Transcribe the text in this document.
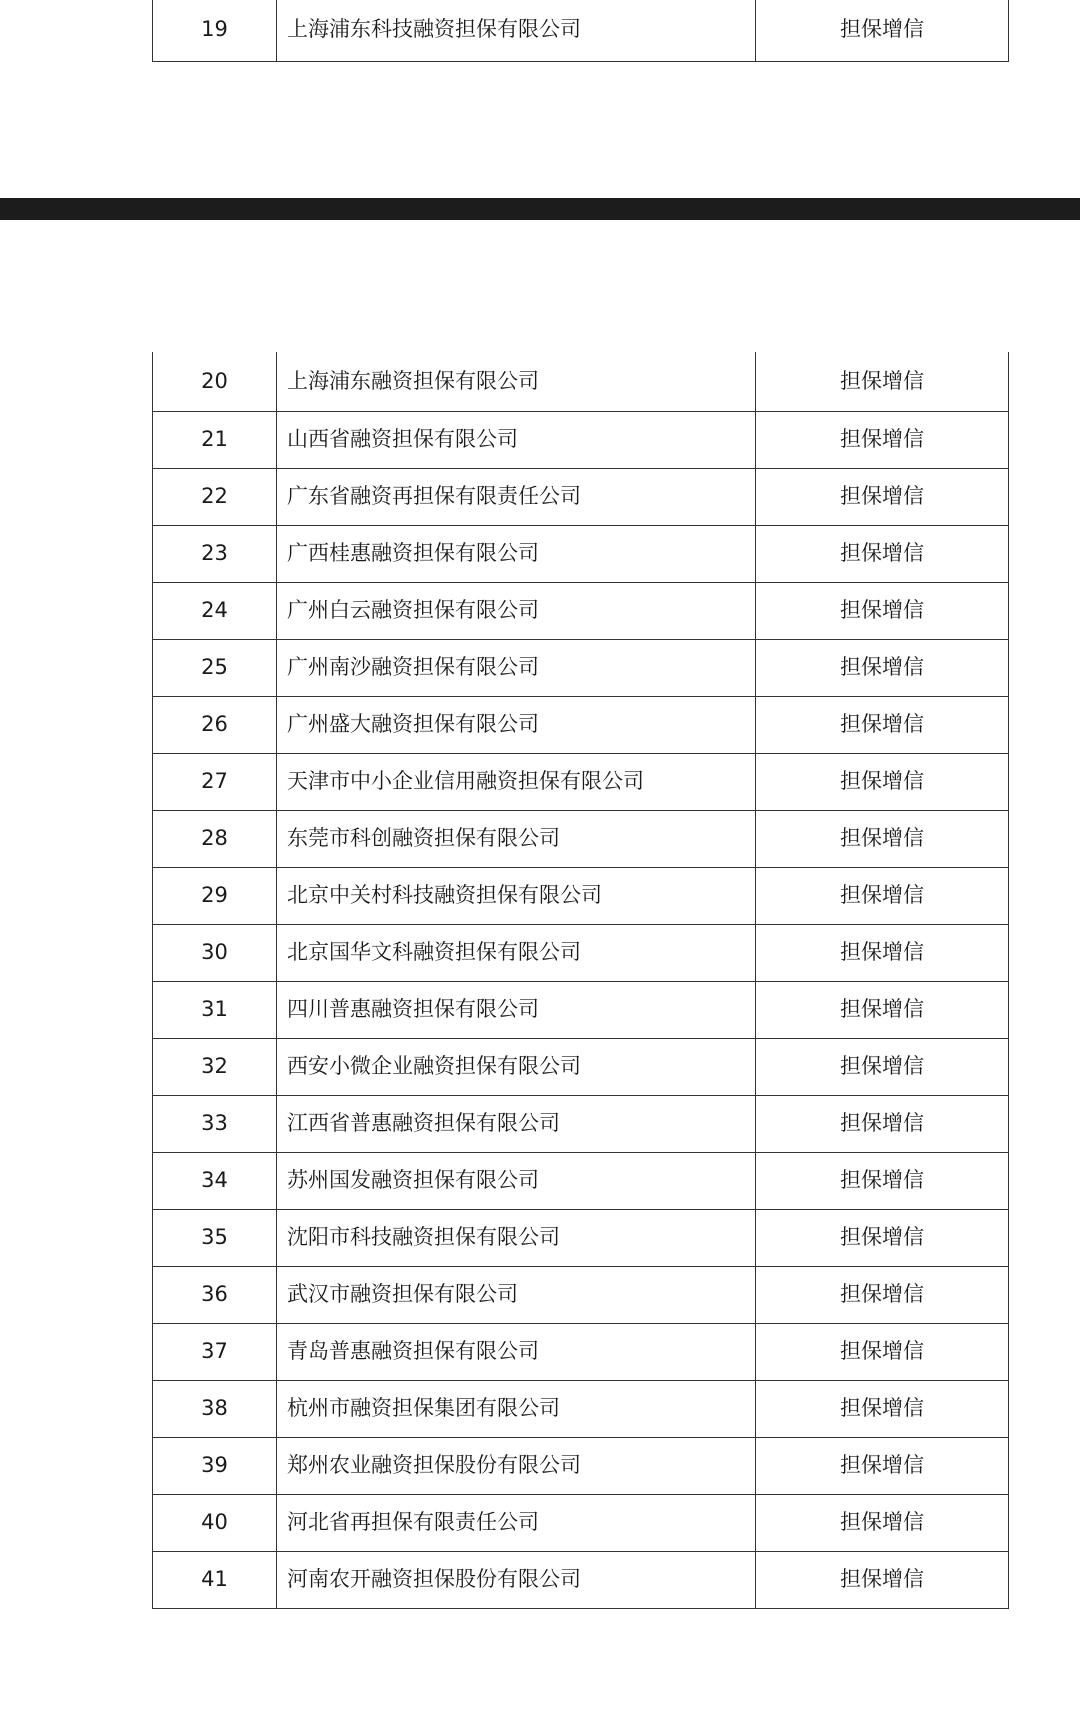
19	上海浦东科技融资担保有限公司	担保增信
20	上海浦东融资担保有限公司	担保增信
21	山西省融资担保有限公司	担保增信
22	广东省融资再担保有限责任公司	担保增信
23	广西桂惠融资担保有限公司	担保增信
24	广州白云融资担保有限公司	担保增信
25	广州南沙融资担保有限公司	担保增信
26	广州盛大融资担保有限公司	担保增信
27	天津市中小企业信用融资担保有限公司	担保增信
28	东莞市科创融资担保有限公司	担保增信
29	北京中关村科技融资担保有限公司	担保增信
30	北京国华文科融资担保有限公司	担保增信
31	四川普惠融资担保有限公司	担保增信
32	西安小微企业融资担保有限公司	担保增信
33	江西省普惠融资担保有限公司	担保增信
34	苏州国发融资担保有限公司	担保增信
35	沈阳市科技融资担保有限公司	担保增信
36	武汉市融资担保有限公司	担保增信
37	青岛普惠融资担保有限公司	担保增信
38	杭州市融资担保集团有限公司	担保增信
39	郑州农业融资担保股份有限公司	担保增信
40	河北省再担保有限责任公司	担保增信
41	河南农开融资担保股份有限公司	担保增信
